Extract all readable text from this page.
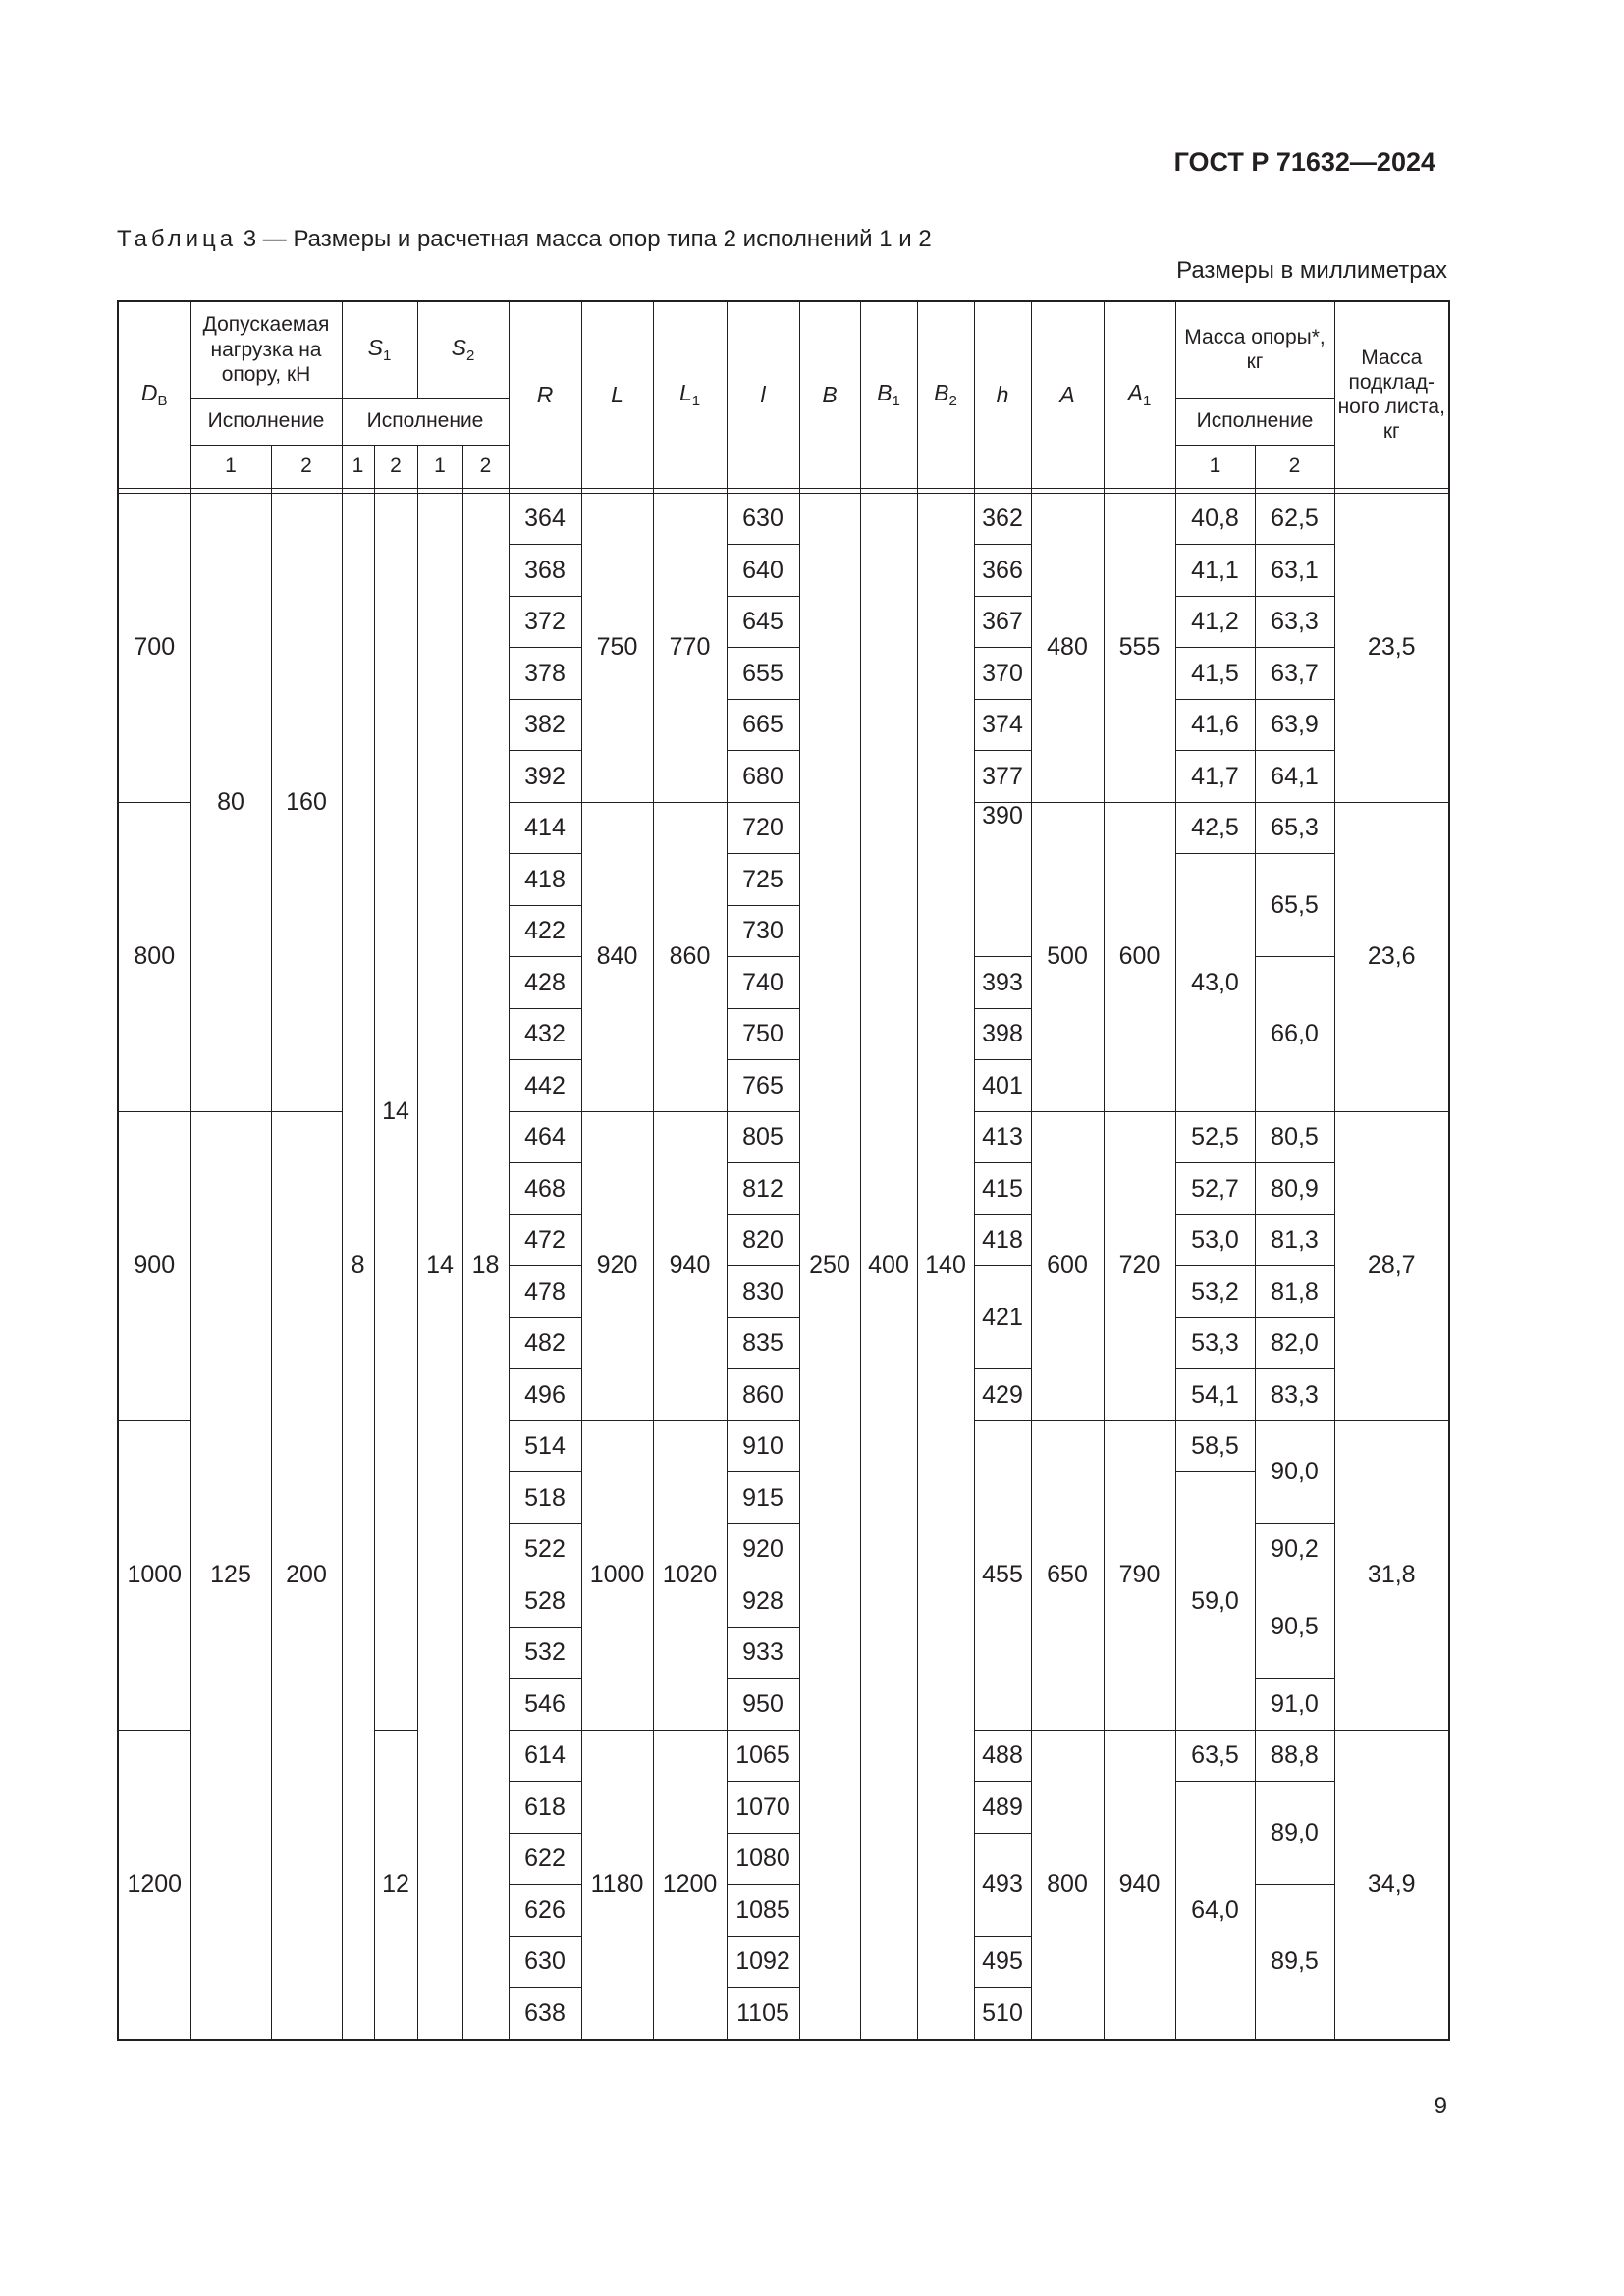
ГОСТ Р 71632—2024
Таблица 3 — Размеры и расчетная масса опор типа 2 исполнений 1 и 2
Размеры в миллиметрах
$D_В$	Допускаемая нагрузка на опору, кН		$S_1$		$S_2$		R	L	$L_1$	l	B	$B_1$	$B_2$	h	A	$A_1$	Масса опоры*, кг		Масса подклад-ного листа, кг
	Исполнение		Исполнение														Исполнение		
	1	2	1	2	1	2											1	2	

700	80	160	8	14	14	18	364	750	770	630	250	400	140	362	480	555	40,8	62,5	23,5
							368			640				366			41,1	63,1	
							372			645				367			41,2	63,3	
							378			655				370			41,5	63,7	
							382			665				374			41,6	63,9	
							392			680				377			41,7	64,1	
800							414	840	860	720					500	600	42,5	65,3	23,6
							418			725				390			43,0	65,5	
							422			730									
							428			740				393				66,0	
							432			750				398					
							442			765				401					
900	125	200					464	920	940	805				413	600	720	52,5	80,5	28,7
							468			812				415			52,7	80,9	
							472			820				418			53,0	81,3	
							478			830				421			53,2	81,8	
							482			835							53,3	82,0	
							496			860				429			54,1	83,3	
1000							514	1000	1020	910				455	650	790	58,5	90,0	31,8
							518			915							59,0		
							522			920								90,2	
							528			928								90,5	
							532			933									
							546			950								91,0	
1200				12			614	1180	1200	1065				488	800	940	63,5	88,8	34,9
							618			1070				489			64,0	89,0	
							622			1080				493					
							626			1085								89,5	
							630			1092				495					
							638			1105				510					
9
